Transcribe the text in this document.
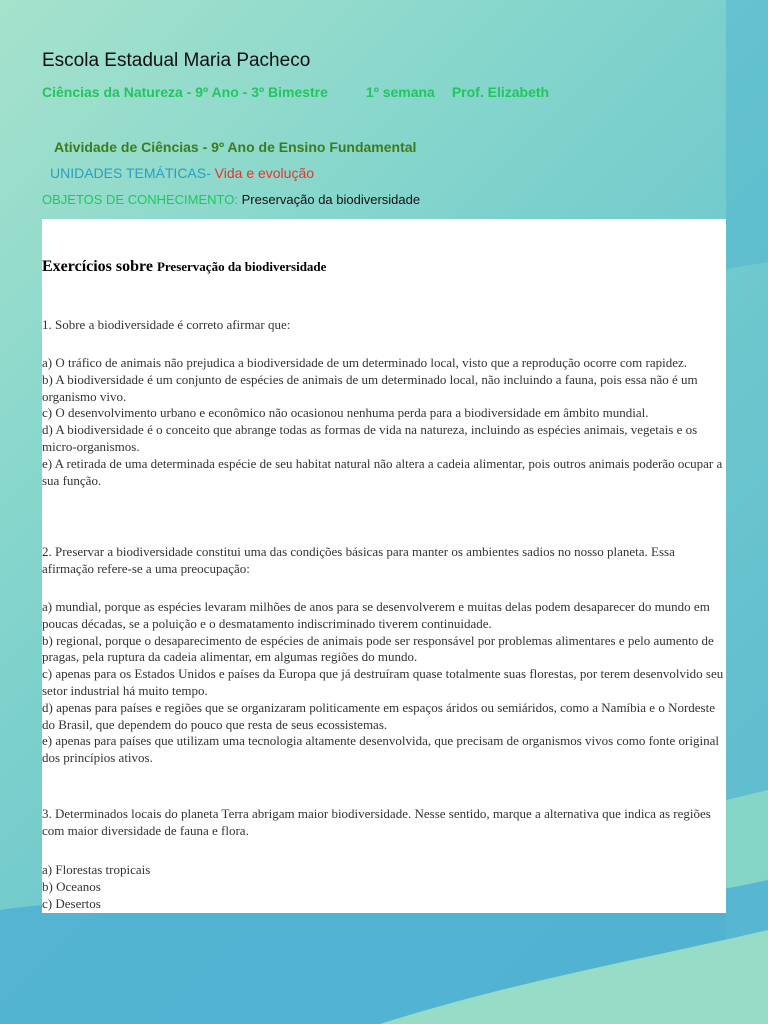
Escola Estadual Maria Pacheco
Ciências da Natureza - 9º Ano - 3º Bimestre	1º semana Prof. Elizabeth
Atividade de Ciências - 9º Ano de Ensino Fundamental
UNIDADES TEMÁTICAS- Vida e evolução
OBJETOS DE CONHECIMENTO: Preservação da biodiversidade
Exercícios sobre Preservação da biodiversidade

1. Sobre a biodiversidade é correto afirmar que:

a) O tráfico de animais não prejudica a biodiversidade de um determinado local, visto que a reprodução ocorre com rapidez.

b) A biodiversidade é um conjunto de espécies de animais de um determinado local, não incluindo a fauna, pois essa não é um organismo vivo.

c) O desenvolvimento urbano e econômico não ocasionou nenhuma perda para a biodiversidade em âmbito mundial.

d) A biodiversidade é o conceito que abrange todas as formas de vida na natureza, incluindo as espécies animais, vegetais e os micro-organismos.

e) A retirada de uma determinada espécie de seu habitat natural não altera a cadeia alimentar, pois outros animais poderão ocupar a sua função.

2. Preservar a biodiversidade constitui uma das condições básicas para manter os ambientes sadios no nosso planeta. Essa afirmação refere-se a uma preocupação:

a) mundial, porque as espécies levaram milhões de anos para se desenvolverem e muitas delas podem desaparecer do mundo em poucas décadas, se a poluição e o desmatamento indiscriminado tiverem continuidade.

b) regional, porque o desaparecimento de espécies de animais pode ser responsável por problemas alimentares e pelo aumento de pragas, pela ruptura da cadeia alimentar, em algumas regiões do mundo.

c) apenas para os Estados Unidos e países da Europa que já destruíram quase totalmente suas florestas, por terem desenvolvido seu setor industrial há muito tempo.

d) apenas para países e regiões que se organizaram politicamente em espaços áridos ou semiáridos, como a Namíbia e o Nordeste do Brasil, que dependem do pouco que resta de seus ecossistemas.

e) apenas para países que utilizam uma tecnologia altamente desenvolvida, que precisam de organismos vivos como fonte original dos princípios ativos.

3. Determinados locais do planeta Terra abrigam maior biodiversidade. Nesse sentido, marque a alternativa que indica as regiões com maior diversidade de fauna e flora.

a) Florestas tropicais

b) Oceanos

c) Desertos
